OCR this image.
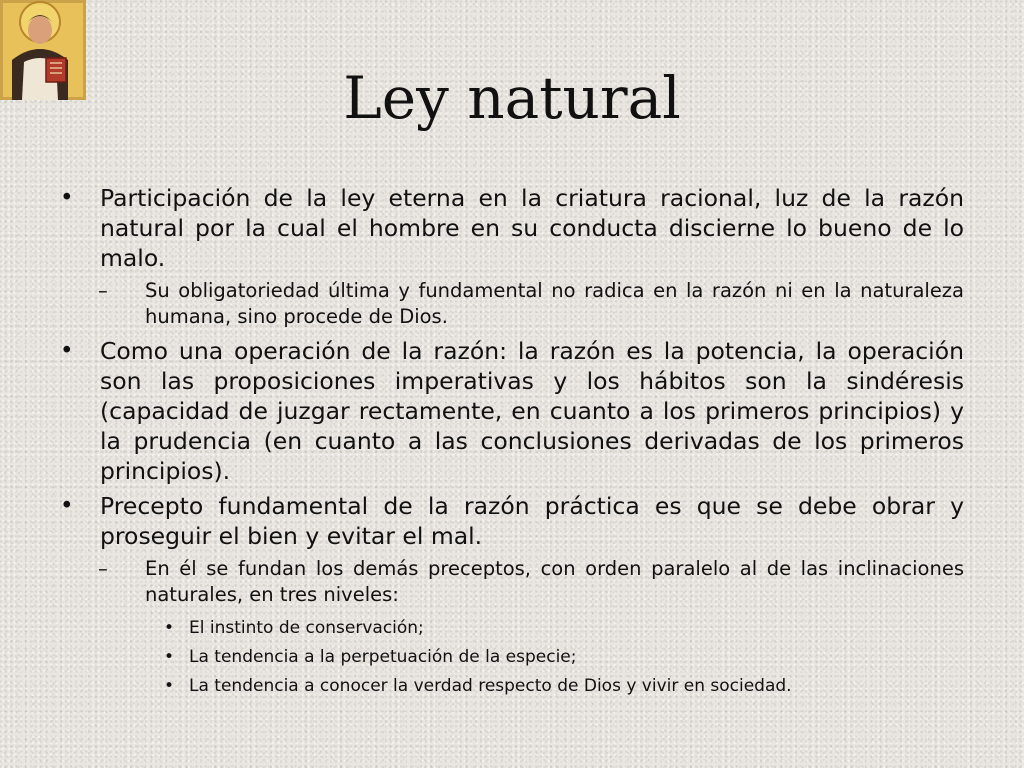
Ley natural
• Participación de la ley eterna en la criatura racional, luz de la razón natural por la cual el hombre en su conducta discierne lo bueno de lo malo.
– Su obligatoriedad última y fundamental no radica en la razón ni en la naturaleza humana, sino procede de Dios.
• Como una operación de la razón: la razón es la potencia, la operación son las proposiciones imperativas y los hábitos son la sindéresis (capacidad de juzgar rectamente, en cuanto a los primeros principios) y la prudencia (en cuanto a las conclusiones derivadas de los primeros principios).
• Precepto fundamental de la razón práctica es que se debe obrar y proseguir el bien y evitar el mal.
– En él se fundan los demás preceptos, con orden paralelo al de las inclinaciones naturales, en tres niveles:
• El instinto de conservación;
• La tendencia a la perpetuación de la especie;
• La tendencia a conocer la verdad respecto de Dios y vivir en sociedad.
